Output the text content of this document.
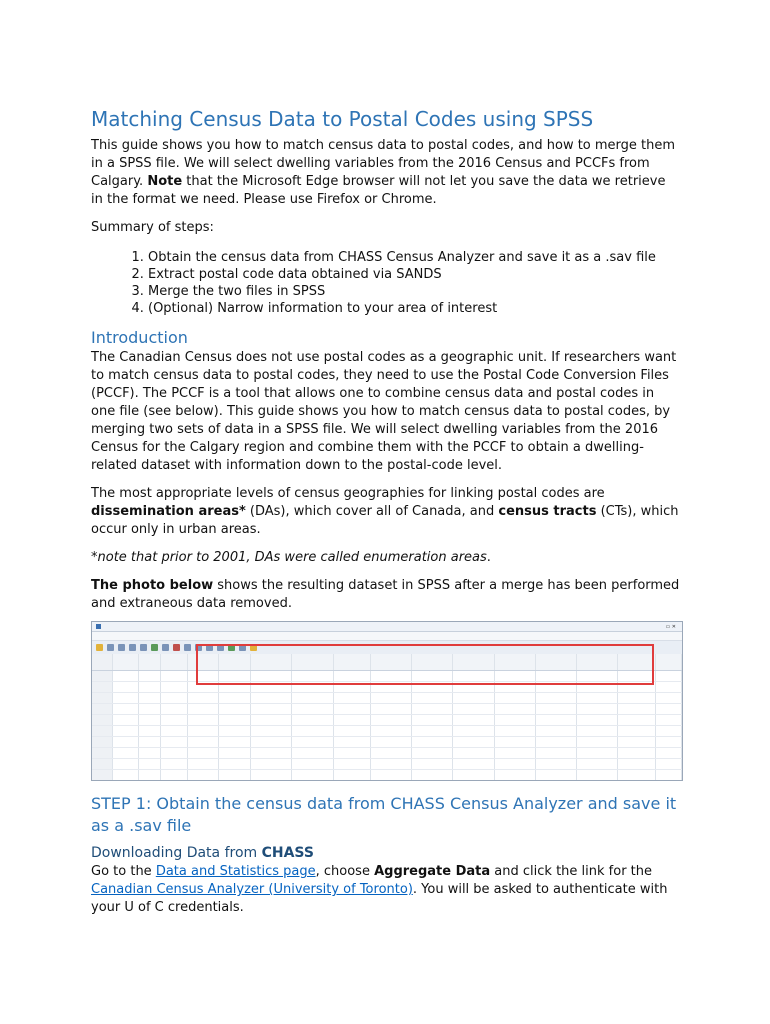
Matching Census Data to Postal Codes using SPSS

This guide shows you how to match census data to postal codes, and how to merge them in a SPSS file. We will select dwelling variables from the 2016 Census and PCCFs from Calgary. Note that the Microsoft Edge browser will not let you save the data we retrieve in the format we need. Please use Firefox or Chrome.

Summary of steps:

1. Obtain the census data from CHASS Census Analyzer and save it as a .sav file
2. Extract postal code data obtained via SANDS
3. Merge the two files in SPSS
4. (Optional) Narrow information to your area of interest
Introduction

The Canadian Census does not use postal codes as a geographic unit. If researchers want to match census data to postal codes, they need to use the Postal Code Conversion Files (PCCF). The PCCF is a tool that allows one to combine census data and postal codes in one file (see below). This guide shows you how to match census data to postal codes, by merging two sets of data in a SPSS file. We will select dwelling variables from the 2016 Census for the Calgary region and combine them with the PCCF to obtain a dwelling-related dataset with information down to the postal-code level.

The most appropriate levels of census geographies for linking postal codes are dissemination areas* (DAs), which cover all of Canada, and census tracts (CTs), which occur only in urban areas.

*note that prior to 2001, DAs were called enumeration areas.

The photo below shows the resulting dataset in SPSS after a merge has been performed and extraneous data removed.

▭ ✕
STEP 1: Obtain the census data from CHASS Census Analyzer and save it as a .sav file
Downloading Data from CHASS

Go to the Data and Statistics page, choose Aggregate Data and click the link for the Canadian Census Analyzer (University of Toronto). You will be asked to authenticate with your U of C credentials.
